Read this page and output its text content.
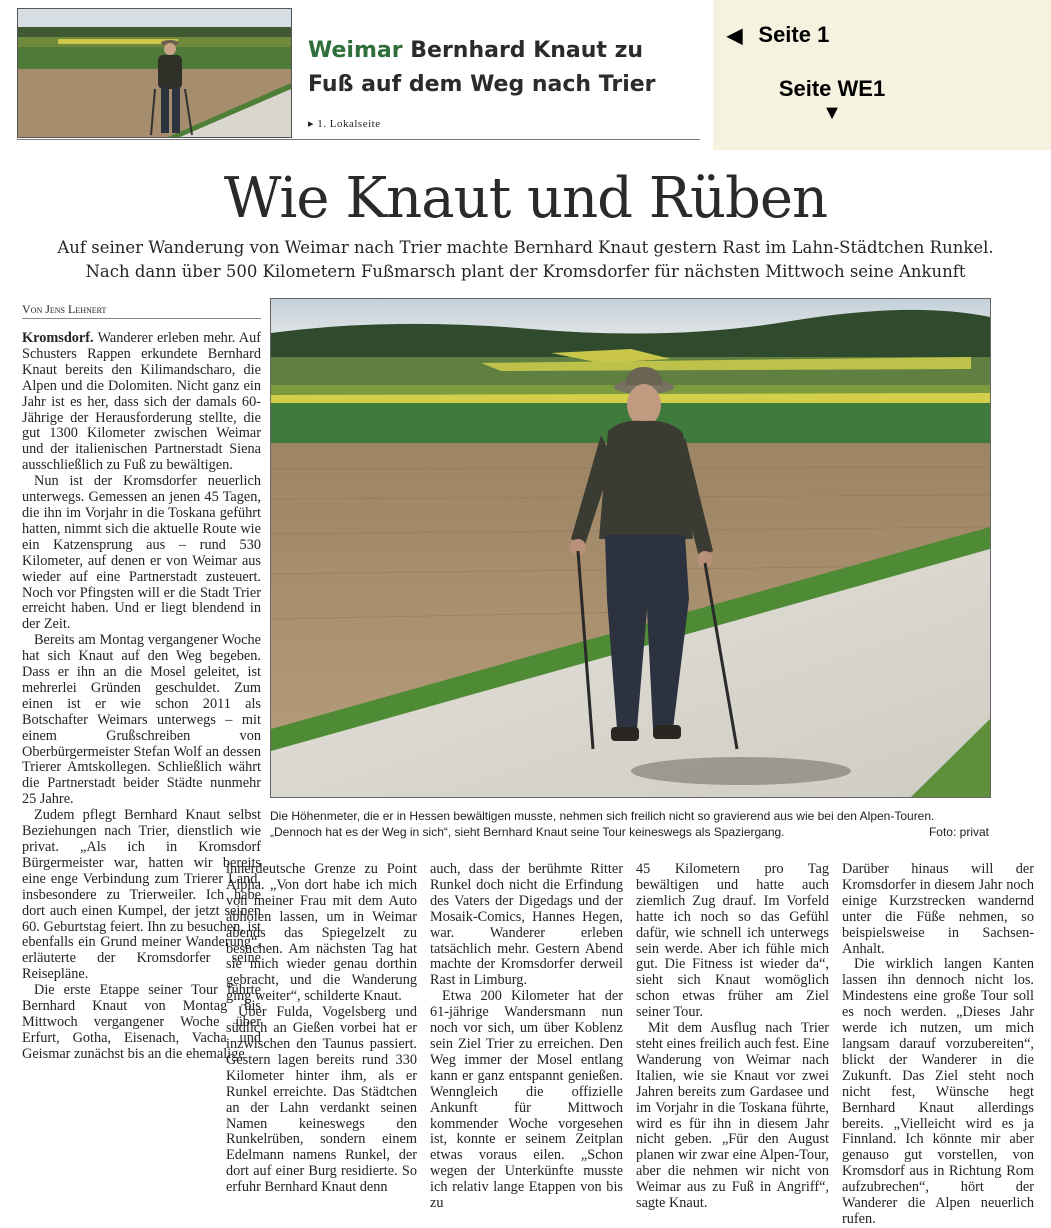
Weimar Bernhard Knaut zu
Fuß auf dem Weg nach Trier
▸ 1. Lokalseite
◀ Seite 1
Seite WE1
▼
Wie Knaut und Rüben
Auf seiner Wanderung von Weimar nach Trier machte Bernhard Knaut gestern Rast im Lahn-Städtchen Runkel.
Nach dann über 500 Kilometern Fußmarsch plant der Kromsdorfer für nächsten Mittwoch seine Ankunft
Von Jens Lehnert

Kromsdorf. Wanderer erleben mehr. Auf Schusters Rappen erkundete Bernhard Knaut bereits den Kilimandscharo, die Alpen und die Dolomiten. Nicht ganz ein Jahr ist es her, dass sich der damals 60-Jährige der Herausforderung stellte, die gut 1300 Kilometer zwischen Weimar und der italienischen Partnerstadt Siena ausschließlich zu Fuß zu bewältigen.

Nun ist der Kromsdorfer neuerlich unterwegs. Gemessen an jenen 45 Tagen, die ihn im Vorjahr in die Toskana geführt hatten, nimmt sich die aktuelle Route wie ein Katzensprung aus – rund 530 Kilometer, auf denen er von Weimar aus wieder auf eine Partnerstadt zusteuert. Noch vor Pfingsten will er die Stadt Trier erreicht haben. Und er liegt blendend in der Zeit.

Bereits am Montag vergangener Woche hat sich Knaut auf den Weg begeben. Dass er ihn an die Mosel geleitet, ist mehrerlei Gründen geschuldet. Zum einen ist er wie schon 2011 als Botschafter Weimars unterwegs – mit einem Grußschreiben von Oberbürgermeister Stefan Wolf an dessen Trierer Amtskollegen. Schließlich währt die Partnerstadt beider Städte nunmehr 25 Jahre.

Zudem pflegt Bernhard Knaut selbst Beziehungen nach Trier, dienstlich wie privat. „Als ich in Kromsdorf Bürgermeister war, hatten wir bereits eine enge Verbindung zum Trierer Land, insbesondere zu Trierweiler. Ich habe dort auch einen Kumpel, der jetzt seinen 60. Geburtstag feiert. Ihn zu besuchen, ist ebenfalls ein Grund meiner Wanderung“, erläuterte der Kromsdorfer seine Reisepläne.

Die erste Etappe seiner Tour führte Bernhard Knaut von Montag bis Mittwoch vergangener Woche über Erfurt, Gotha, Eisenach, Vacha und Geismar zunächst bis an die ehemalige

Die Höhenmeter, die er in Hessen bewältigen musste, nehmen sich freilich nicht so gravierend aus wie bei den Alpen-Touren. „Dennoch hat es der Weg in sich“, sieht Bernhard Knaut seine Tour keineswegs als Spaziergang.	Foto: privat

innerdeutsche Grenze zu Point Alpha. „Von dort habe ich mich von meiner Frau mit dem Auto abholen lassen, um in Weimar abends das Spiegelzelt zu besuchen. Am nächsten Tag hat sie mich wieder genau dorthin gebracht, und die Wanderung ging weiter“, schilderte Knaut.

Über Fulda, Vogelsberg und südlich an Gießen vorbei hat er inzwischen den Taunus passiert. Gestern lagen bereits rund 330 Kilometer hinter ihm, als er Runkel erreichte. Das Städtchen an der Lahn verdankt seinen Namen keineswegs den Runkelrüben, sondern einem Edelmann namens Runkel, der dort auf einer Burg residierte. So erfuhr Bernhard Knaut denn

auch, dass der berühmte Ritter Runkel doch nicht die Erfindung des Vaters der Digedags und der Mosaik-Comics, Hannes Hegen, war. Wanderer erleben tatsächlich mehr. Gestern Abend machte der Kromsdorfer derweil Rast in Limburg.

Etwa 200 Kilometer hat der 61-jährige Wandersmann nun noch vor sich, um über Koblenz sein Ziel Trier zu erreichen. Den Weg immer der Mosel entlang kann er ganz entspannt genießen. Wenngleich die offizielle Ankunft für Mittwoch kommender Woche vorgesehen ist, konnte er seinem Zeitplan etwas voraus eilen. „Schon wegen der Unterkünfte musste ich relativ lange Etappen von bis zu

45 Kilometern pro Tag bewältigen und hatte auch ziemlich Zug drauf. Im Vorfeld hatte ich noch so das Gefühl dafür, wie schnell ich unterwegs sein werde. Aber ich fühle mich gut. Die Fitness ist wieder da“, sieht sich Knaut womöglich schon etwas früher am Ziel seiner Tour.

Mit dem Ausflug nach Trier steht eines freilich auch fest. Eine Wanderung von Weimar nach Italien, wie sie Knaut vor zwei Jahren bereits zum Gardasee und im Vorjahr in die Toskana führte, wird es für ihn in diesem Jahr nicht geben. „Für den August planen wir zwar eine Alpen-Tour, aber die nehmen wir nicht von Weimar aus zu Fuß in Angriff“, sagte Knaut.

Darüber hinaus will der Kromsdorfer in diesem Jahr noch einige Kurzstrecken wandernd unter die Füße nehmen, so beispielsweise in Sachsen-Anhalt.

Die wirklich langen Kanten lassen ihn dennoch nicht los. Mindestens eine große Tour soll es noch werden. „Dieses Jahr werde ich nutzen, um mich langsam darauf vorzubereiten“, blickt der Wanderer in die Zukunft. Das Ziel steht noch nicht fest, Wünsche hegt Bernhard Knaut allerdings bereits. „Vielleicht wird es ja Finnland. Ich könnte mir aber genauso gut vorstellen, von Kromsdorf aus in Richtung Rom aufzubrechen“, hört der Wanderer die Alpen neuerlich rufen.
